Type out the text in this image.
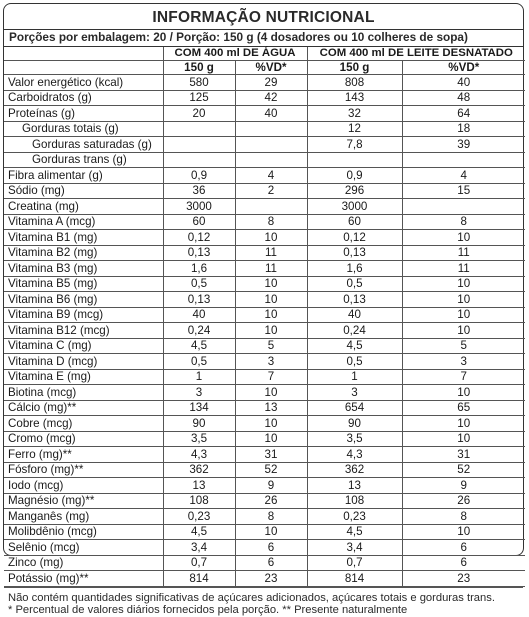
INFORMAÇÃO NUTRICIONAL
Porções por embalagem: 20 / Porção: 150 g (4 dosadores ou 10 colheres de sopa)
	COM 400 ml DE ÁGUA		COM 400 ml DE LEITE DESNATADO	
	150 g	%VD*	150 g	%VD*
Valor energético (kcal)	580	29	808	40
Carboidratos (g)	125	42	143	48
Proteínas (g)	20	40	32	64
Gorduras totais (g)			12	18
Gorduras saturadas (g)			7,8	39
Gorduras trans (g)				
Fibra alimentar (g)	0,9	4	0,9	4
Sódio (mg)	36	2	296	15
Creatina (mg)	3000		3000	
Vitamina A (mcg)	60	8	60	8
Vitamina B1 (mg)	0,12	10	0,12	10
Vitamina B2 (mg)	0,13	11	0,13	11
Vitamina B3 (mg)	1,6	11	1,6	11
Vitamina B5 (mg)	0,5	10	0,5	10
Vitamina B6 (mg)	0,13	10	0,13	10
Vitamina B9 (mcg)	40	10	40	10
Vitamina B12 (mcg)	0,24	10	0,24	10
Vitamina C (mg)	4,5	5	4,5	5
Vitamina D (mcg)	0,5	3	0,5	3
Vitamina E (mg)	1	7	1	7
Biotina (mcg)	3	10	3	10
Cálcio (mg)**	134	13	654	65
Cobre (mcg)	90	10	90	10
Cromo (mcg)	3,5	10	3,5	10
Ferro (mg)**	4,3	31	4,3	31
Fósforo (mg)**	362	52	362	52
Iodo (mcg)	13	9	13	9
Magnésio (mg)**	108	26	108	26
Manganês (mg)	0,23	8	0,23	8
Molibdênio (mcg)	4,5	10	4,5	10
Selênio (mcg)	3,4	6	3,4	6
Zinco (mg)	0,7	6	0,7	6
Potássio (mg)**	814	23	814	23
Não contém quantidades significativas de açúcares adicionados, açúcares totais e gorduras trans.
* Percentual de valores diários fornecidos pela porção. ** Presente naturalmente
